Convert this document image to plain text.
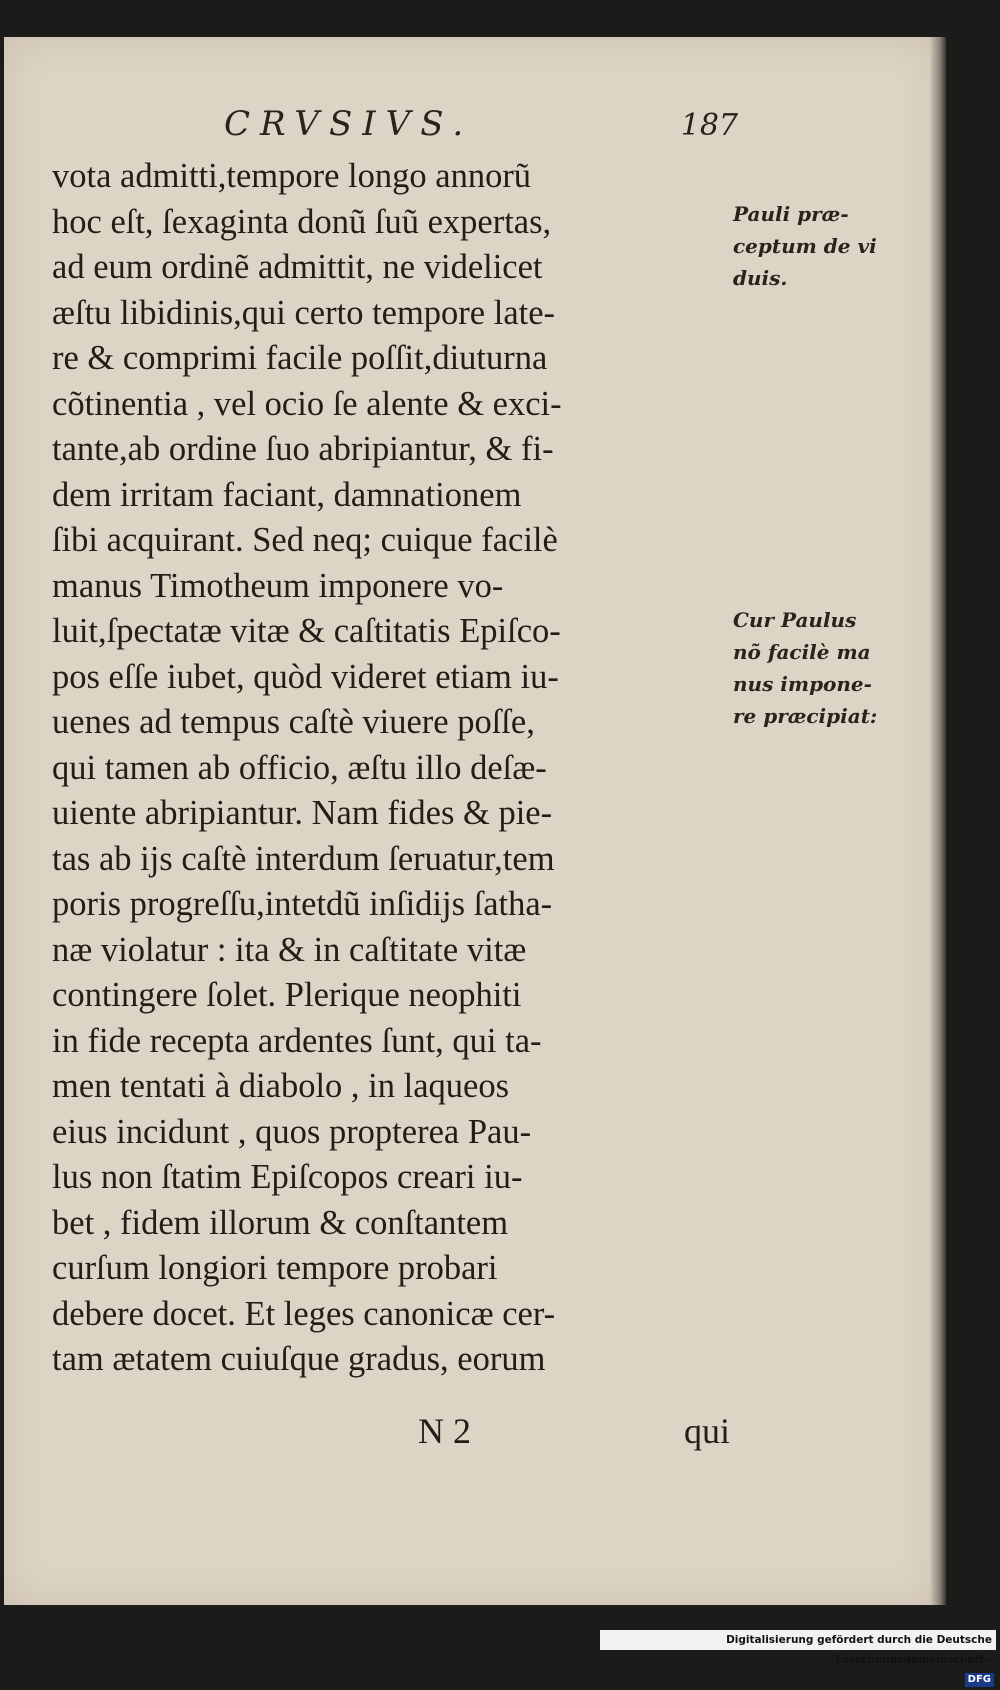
CRVSIVS.	187
vota admitti,tempore longo annorũ
hoc eſt, ſexaginta donũ ſuũ expertas,
ad eum ordinẽ admittit, ne videlicet
æſtu libidinis,qui certo tempore late-
re & comprimi facile poſſit,diuturna
cõtinentia , vel ocio ſe alente & exci-
tante,ab ordine ſuo abripiantur, & fi-
dem irritam faciant, damnationem
ſibi acquirant. Sed neq; cuique facilè
manus Timotheum imponere vo-
luit,ſpectatæ vitæ & caſtitatis Epiſco-
pos eſſe iubet, quòd videret etiam iu-
uenes ad tempus caſtè viuere poſſe,
qui tamen ab officio, æſtu illo deſæ-
uiente abripiantur. Nam fides & pie-
tas ab ijs caſtè interdum ſeruatur,tem
poris progreſſu,intetdũ inſidijs ſatha-
næ violatur : ita & in caſtitate vitæ
contingere ſolet. Plerique neophiti
in fide recepta ardentes ſunt, qui ta-
men tentati à diabolo , in laqueos
eius incidunt , quos propterea Pau-
lus non ſtatim Epiſcopos creari iu-
bet , fidem illorum & conſtantem
curſum longiori tempore probari
debere docet. Et leges canonicæ cer-
tam ætatem cuiuſque gradus, eorum
N 2	qui
Pauli præ-
ceptum de vi
duis.
Cur Paulus
nõ facilè ma
nus impone-
re præcipiat:
Digitalisierung gefördert durch die Deutsche Forschungsgemeinschaft -DFG
